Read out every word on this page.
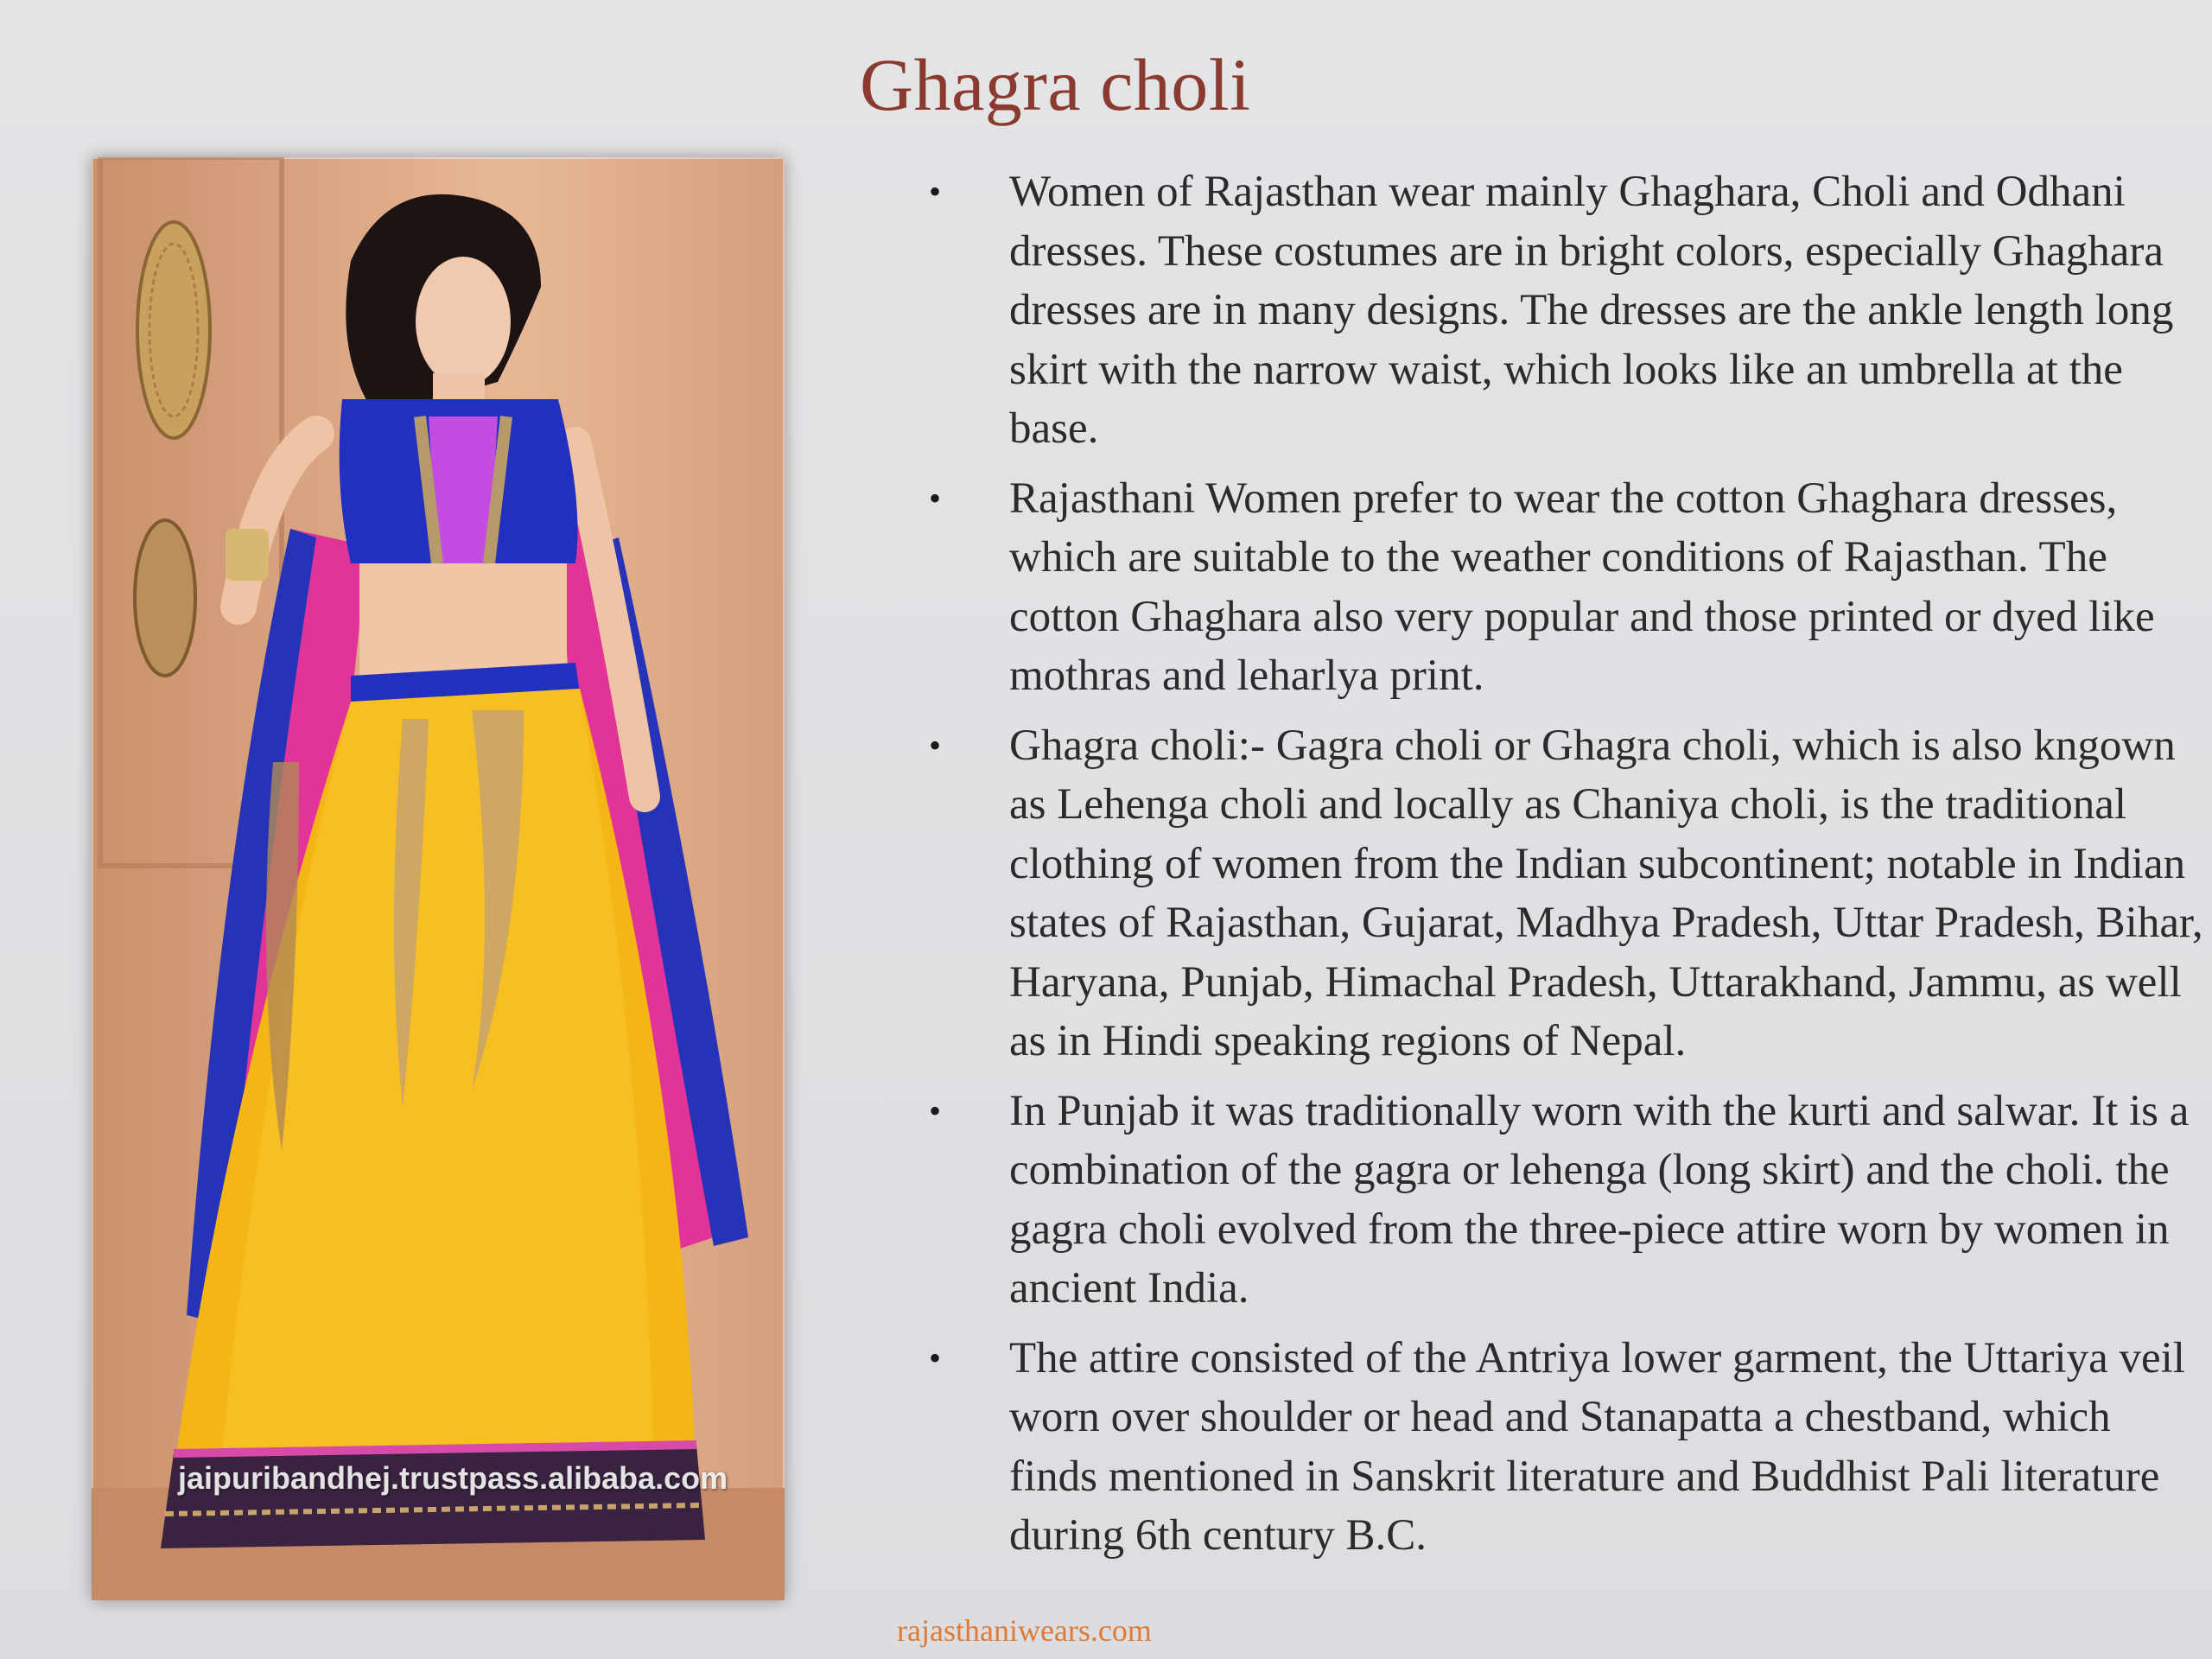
Ghagra choli
jaipuribandhej.trustpass.alibaba.com
• Women of Rajasthan wear mainly Ghaghara, Choli and Odhani dresses. These costumes are in bright colors, especially Ghaghara dresses are in many designs. The dresses are the ankle length long skirt with the narrow waist, which looks like an umbrella at the base.
• Rajasthani Women prefer to wear the cotton Ghaghara dresses, which are suitable to the weather conditions of Rajasthan. The cotton Ghaghara also very popular and those printed or dyed like mothras and leharlya print.
• Ghagra choli:- Gagra choli or Ghagra choli, which is also kngown as Lehenga choli and locally as Chaniya choli, is the traditional clothing of women from the Indian subcontinent; notable in Indian states of Rajasthan, Gujarat, Madhya Pradesh, Uttar Pradesh, Bihar, Haryana, Punjab, Himachal Pradesh, Uttarakhand, Jammu, as well as in Hindi speaking regions of Nepal.
• In Punjab it was traditionally worn with the kurti and salwar. It is a combination of the gagra or lehenga (long skirt) and the choli. the gagra choli evolved from the three-piece attire worn by women in ancient India.
• The attire consisted of the Antriya lower garment, the Uttariya veil worn over shoulder or head and Stanapatta a chestband, which finds mentioned in Sanskrit literature and Buddhist Pali literature during 6th century B.C.
rajasthaniwears.com
